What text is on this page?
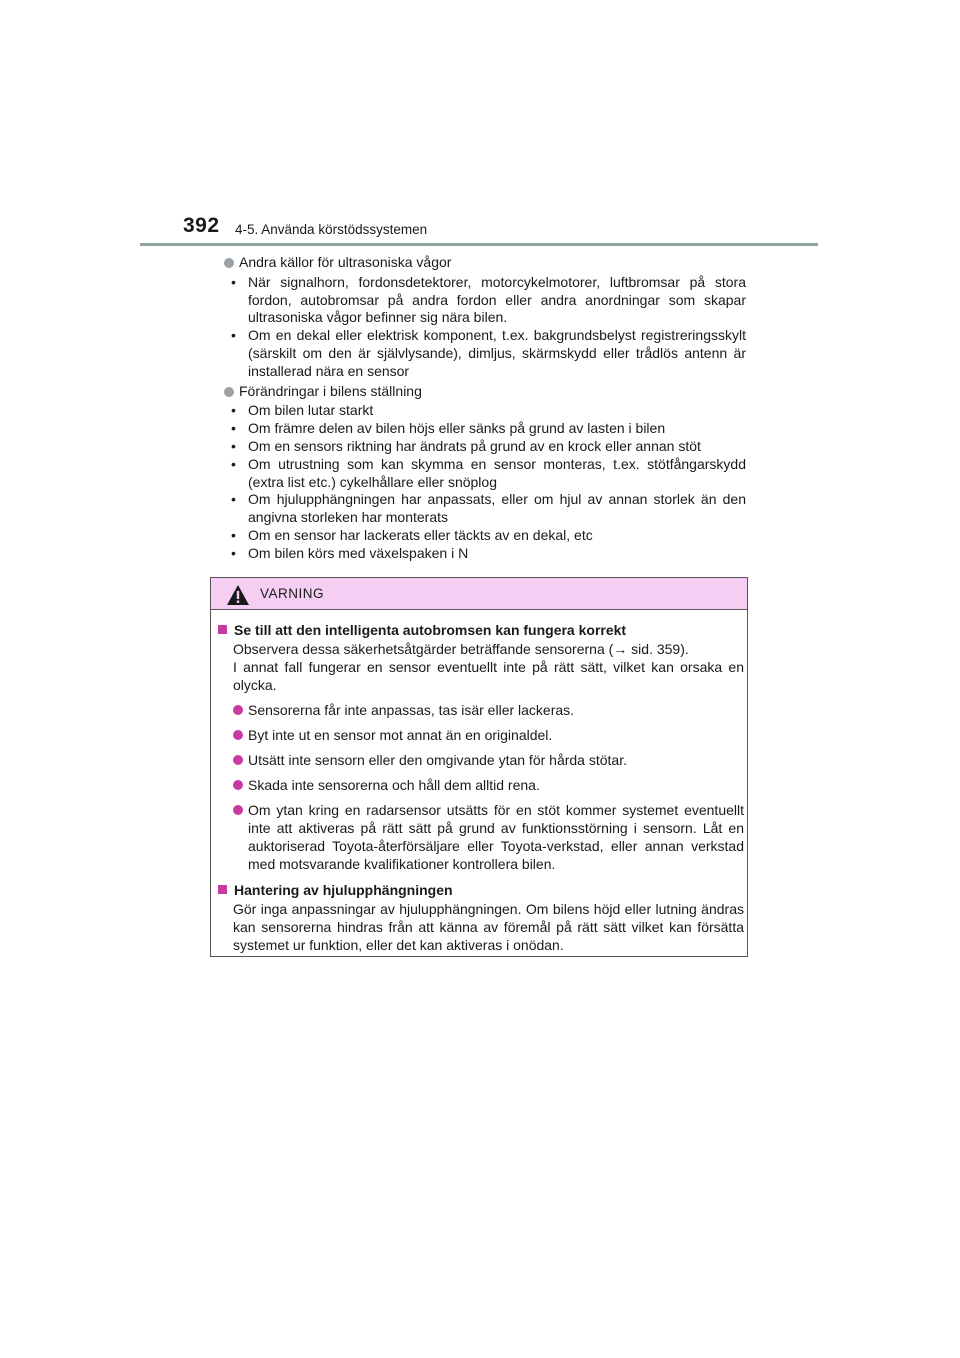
392 4-5. Använda körstödssystemen

Andra källor för ultrasoniska vågor

• När signalhorn, fordonsdetektorer, motorcykelmotorer, luftbromsar på stora fordon, autobromsar på andra fordon eller andra anordningar som skapar ultrasoniska vågor befinner sig nära bilen.
• Om en dekal eller elektrisk komponent, t.ex. bakgrundsbelyst registreringsskylt (särskilt om den är självlysande), dimljus, skärmskydd eller trådlös antenn är installerad nära en sensor

Förändringar i bilens ställning

• Om bilen lutar starkt
• Om främre delen av bilen höjs eller sänks på grund av lasten i bilen
• Om en sensors riktning har ändrats på grund av en krock eller annan stöt
• Om utrustning som kan skymma en sensor monteras, t.ex. stötfångarskydd (extra list etc.) cykelhållare eller snöplog
• Om hjulupphängningen har anpassats, eller om hjul av annan storlek än den angivna storleken har monterats
• Om en sensor har lackerats eller täckts av en dekal, etc
• Om bilen körs med växelspaken i N
VARNING

Se till att den intelligenta autobromsen kan fungera korrekt

Observera dessa säkerhetsåtgärder beträffande sensorerna (→ sid. 359).
I annat fall fungerar en sensor eventuellt inte på rätt sätt, vilket kan orsaka en olycka.

Sensorerna får inte anpassas, tas isär eller lackeras.

Byt inte ut en sensor mot annat än en originaldel.

Utsätt inte sensorn eller den omgivande ytan för hårda stötar.

Skada inte sensorerna och håll dem alltid rena.

Om ytan kring en radarsensor utsätts för en stöt kommer systemet eventuellt inte att aktiveras på rätt sätt på grund av funktionsstörning i sensorn. Låt en auktoriserad Toyota-återförsäljare eller Toyota-verkstad, eller annan verkstad med motsvarande kvalifikationer kontrollera bilen.

Hantering av hjulupphängningen

Gör inga anpassningar av hjulupphängningen. Om bilens höjd eller lutning ändras kan sensorerna hindras från att känna av föremål på rätt sätt vilket kan försätta systemet ur funktion, eller det kan aktiveras i onödan.
